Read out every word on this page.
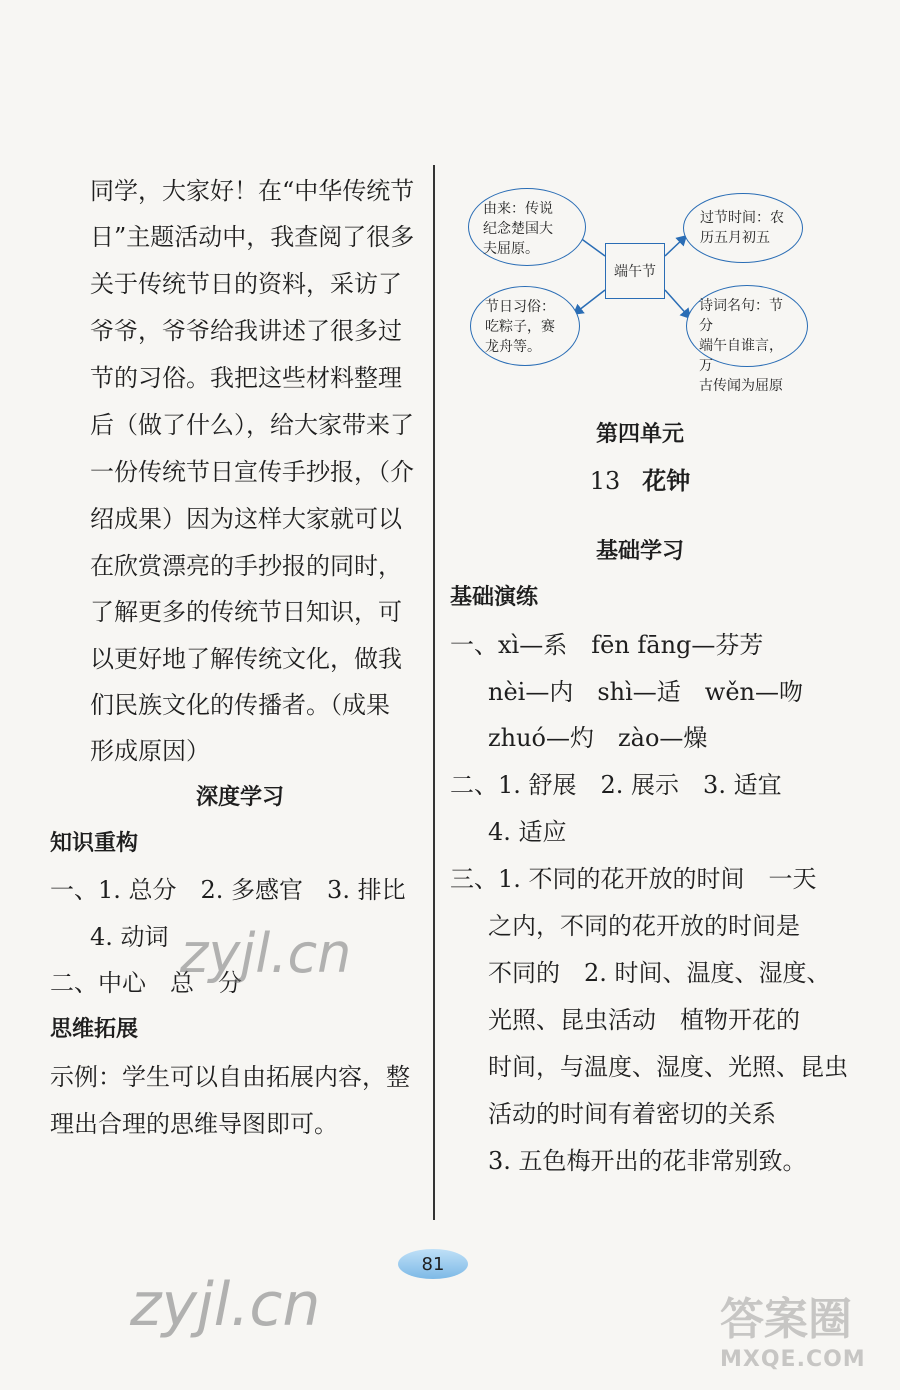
同学，大家好！在“中华传统节
日”主题活动中，我查阅了很多
关于传统节日的资料，采访了
爷爷，爷爷给我讲述了很多过
节的习俗。我把这些材料整理
后（做了什么），给大家带来了
一份传统节日宣传手抄报，（介
绍成果）因为这样大家就可以
在欣赏漂亮的手抄报的同时，
了解更多的传统节日知识，可
以更好地了解传统文化，做我
们民族文化的传播者。（成果
形成原因）
深度学习
知识重构
一、1. 总分　2. 多感官　3. 排比
4. 动词
二、中心　总　分
思维拓展
示例：学生可以自由拓展内容，整
理出合理的思维导图即可。
由来：传说
纪念楚国大
夫屈原。
过节时间：农
历五月初五
端午节
节日习俗：
吃粽子，赛
龙舟等。
诗词名句：节分
端午自谁言，万
古传闻为屈原
第四单元
13 花钟
基础学习
基础演练
一、xì—系　fēn fāng—芬芳
nèi—内　shì—适　wěn—吻
zhuó—灼　zào—燥
二、1. 舒展　2. 展示　3. 适宜
4. 适应
三、1. 不同的花开放的时间　一天
之内，不同的花开放的时间是
不同的　2. 时间、温度、湿度、
光照、昆虫活动　植物开花的
时间，与温度、湿度、光照、昆虫
活动的时间有着密切的关系
3. 五色梅开出的花非常别致。
81
zyjl.cn
zyjl.cn	答案圈
MXQE.COM
